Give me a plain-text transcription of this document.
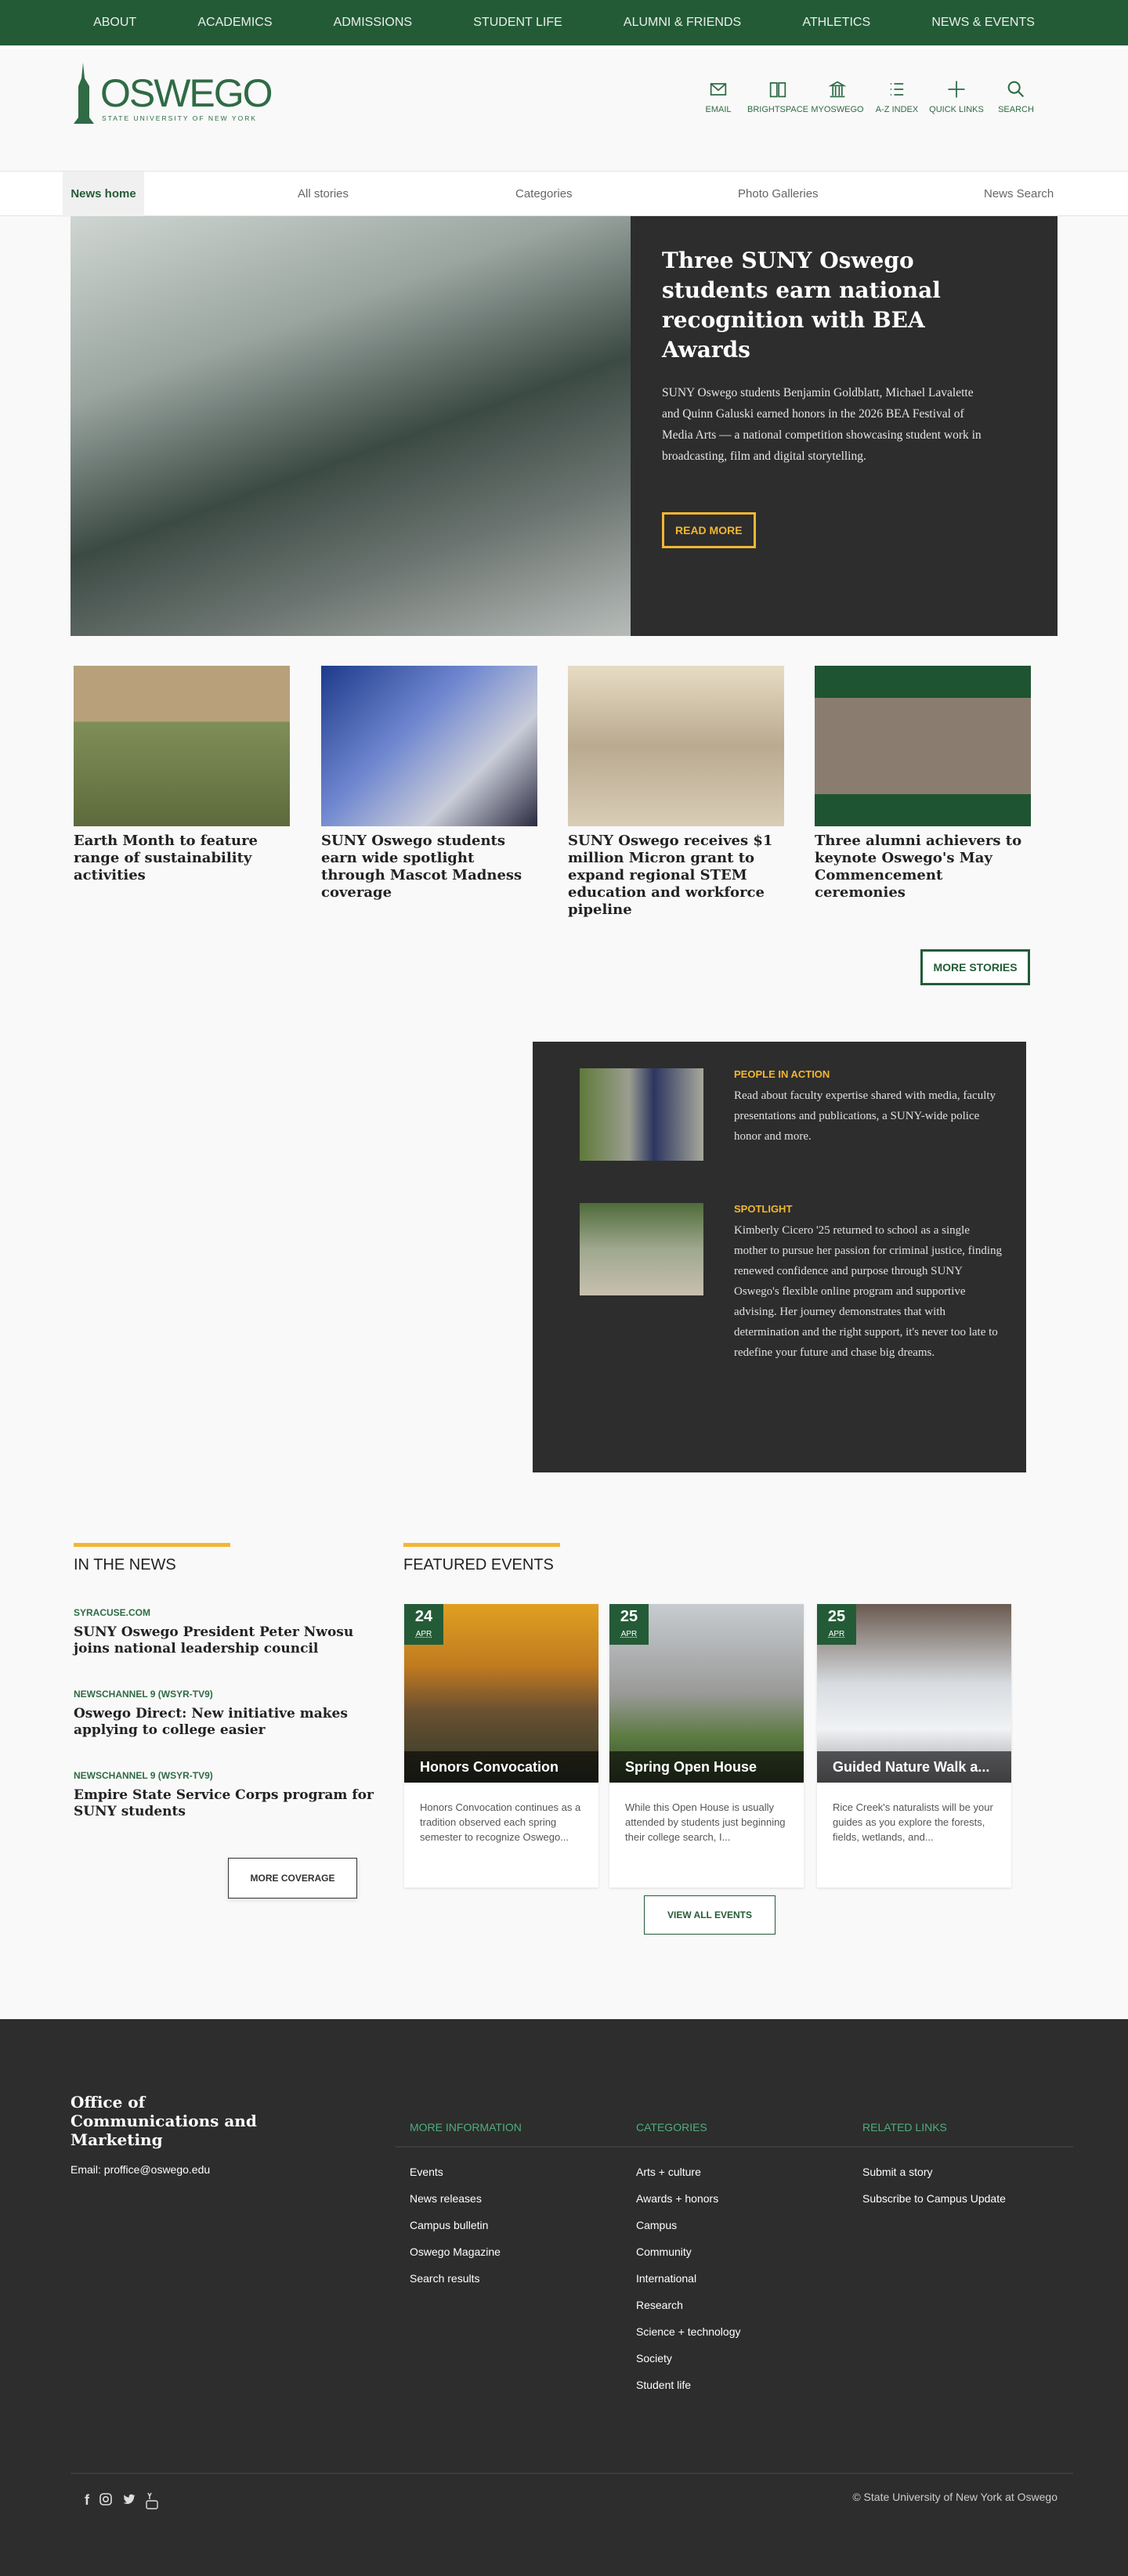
ABOUT	ACADEMICS	ADMISSIONS	STUDENT LIFE	ALUMNI & FRIENDS	ATHLETICS	NEWS & EVENTS
OSWEGO
STATE UNIVERSITY OF NEW YORK
EMAIL BRIGHTSPACE MYOSWEGO A-Z INDEX QUICK LINKS SEARCH
News home	All stories	Categories	Photo Galleries	News Search
Three SUNY Oswego students earn national recognition with BEA Awards

SUNY Oswego students Benjamin Goldblatt, Michael Lavalette and Quinn Galuski earned honors in the 2026 BEA Festival of Media Arts — a national competition showcasing student work in broadcasting, film and digital storytelling.

READ MORE
Earth Month to feature range of sustainability activities
SUNY Oswego students earn wide spotlight through Mascot Madness coverage
SUNY Oswego receives $1 million Micron grant to expand regional STEM education and workforce pipeline
Three alumni achievers to keynote Oswego's May Commencement ceremonies
MORE STORIES
PEOPLE IN ACTION

Read about faculty expertise shared with media, faculty presentations and publications, a SUNY-wide police honor and more.

SPOTLIGHT

Kimberly Cicero '25 returned to school as a single mother to pursue her passion for criminal justice, finding renewed confidence and purpose through SUNY Oswego's flexible online program and supportive advising. Her journey demonstrates that with determination and the right support, it's never too late to redefine your future and chase big dreams.

IN THE NEWS
SYRACUSE.COM
SUNY Oswego President Peter Nwosu joins national leadership council
NEWSCHANNEL 9 (WSYR-TV9)
Oswego Direct: New initiative makes applying to college easier
NEWSCHANNEL 9 (WSYR-TV9)
Empire State Service Corps program for SUNY students
MORE COVERAGE
FEATURED EVENTS
24
APR
Honors Convocation

Honors Convocation continues as a tradition observed each spring semester to recognize Oswego...

25
APR
Spring Open House

While this Open House is usually attended by students just beginning their college search, I...

25
APR
Guided Nature Walk a...

Rice Creek's naturalists will be your guides as you explore the forests, fields, wetlands, and...

VIEW ALL EVENTS
Office of Communications and Marketing
Email: proffice@oswego.edu
MORE INFORMATION
Events
News releases
Campus bulletin
Oswego Magazine
Search results
CATEGORIES
Arts + culture
Awards + honors
Campus
Community
International
Research
Science + technology
Society
Student life
RELATED LINKS
Submit a story
Subscribe to Campus Update
f	© State University of New York at Oswego
